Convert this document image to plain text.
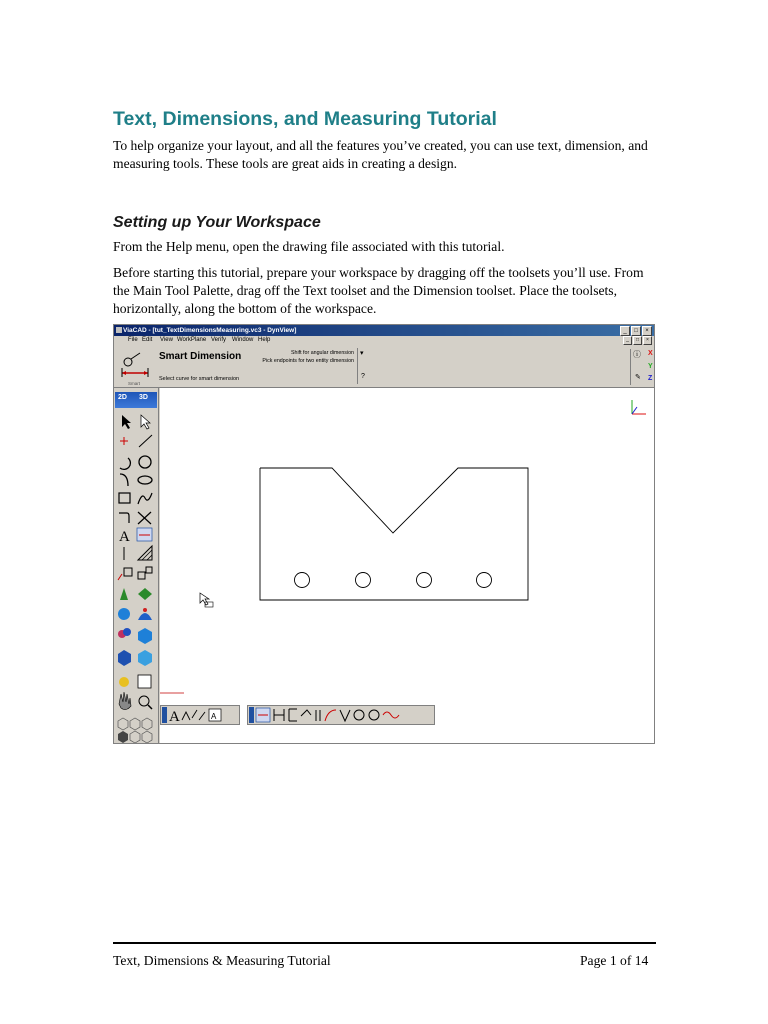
Text, Dimensions, and Measuring Tutorial

To help organize your layout, and all the features you’ve created, you can use text, dimension, and measuring tools. These tools are great aids in creating a design.

Setting up Your Workspace

From the Help menu, open the drawing file associated with this tutorial.

Before starting this tutorial, prepare your workspace by dragging off the toolsets you’ll use. From the Main Tool Palette, drag off the Text toolset and the Dimension toolset. Place the toolsets, horizontally, along the bottom of the workspace.

ViaCAD - [tut_TextDimensionsMeasuring.vc3 - DynView]	_	□	×
File Edit View WorkPlane Verify Window Help	_	□	×
Smart
Smart Dimension
Select curve for smart dimension
Shift for angular dimension
Pick endpoints for two entity dimension
▾
?
ⓘ
✎
X
Y
Z
2D 3D
A
A	A
Text, Dimensions & Measuring Tutorial	Page 1 of 14
